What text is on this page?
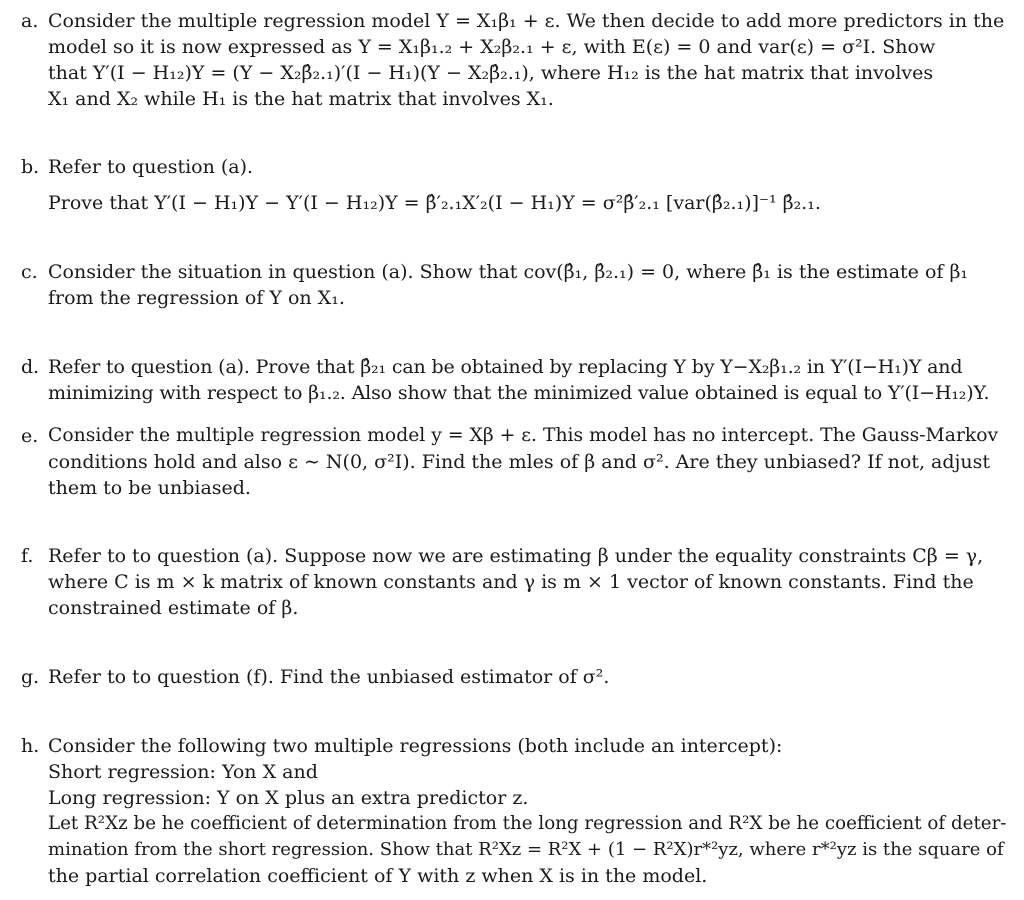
a. Consider the multiple regression model Y = X₁β₁ + ε. We then decide to add more predictors in the

model so it is now expressed as Y = X₁β₁.₂ + X₂β₂.₁ + ε, with E(ε) = 0 and var(ε) = σ²I. Show

that Y′(I − H₁₂)Y = (Y − X₂β̂₂.₁)′(I − H₁)(Y − X₂β̂₂.₁), where H₁₂ is the hat matrix that involves

X₁ and X₂ while H₁ is the hat matrix that involves X₁.

b. Refer to question (a).

Prove that Y′(I − H₁)Y − Y′(I − H₁₂)Y = β̂′₂.₁X′₂(I − H₁)Y = σ²β̂′₂.₁ [var(β̂₂.₁)]⁻¹ β̂₂.₁.

c. Consider the situation in question (a). Show that cov(β̂₁, β̂₂.₁) = 0, where β̂₁ is the estimate of β₁

from the regression of Y on X₁.

d. Refer to question (a). Prove that β̂₂₁ can be obtained by replacing Y by Y−X₂β₁.₂ in Y′(I−H₁)Y and

minimizing with respect to β₁.₂. Also show that the minimized value obtained is equal to Y′(I−H₁₂)Y.

e. Consider the multiple regression model y = Xβ + ε. This model has no intercept. The Gauss-Markov

conditions hold and also ε ∼ N(0, σ²I). Find the mles of β and σ². Are they unbiased? If not, adjust

them to be unbiased.

f. Refer to to question (a). Suppose now we are estimating β under the equality constraints Cβ = γ,

where C is m × k matrix of known constants and γ is m × 1 vector of known constants. Find the

constrained estimate of β.

g. Refer to to question (f). Find the unbiased estimator of σ².

h. Consider the following two multiple regressions (both include an intercept):

Short regression: Yon X and

Long regression: Y on X plus an extra predictor z.

Let R²Xz be he coefficient of determination from the long regression and R²X be he coefficient of deter-

mination from the short regression. Show that R²Xz = R²X + (1 − R²X)r*²yz, where r*²yz is the square of

the partial correlation coefficient of Y with z when X is in the model.
